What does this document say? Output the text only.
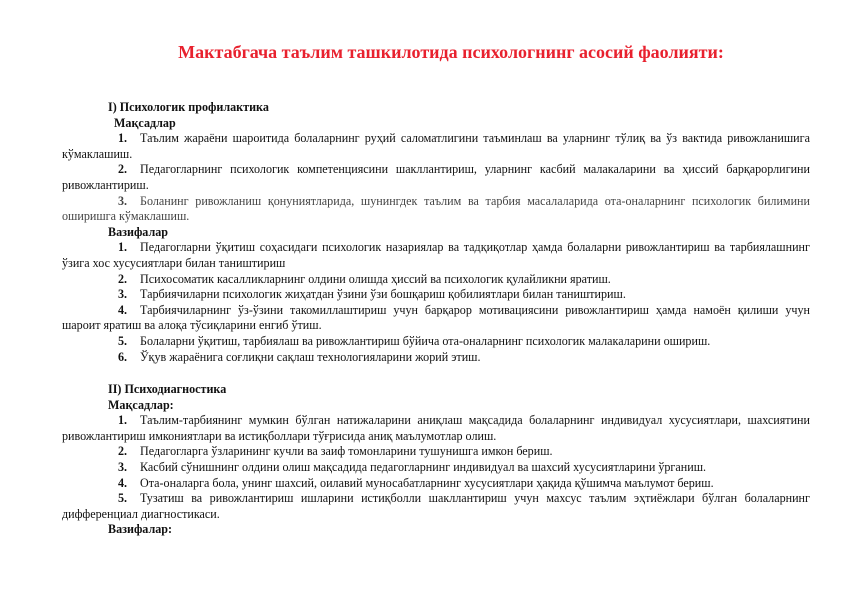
Мактабгача таълим ташкилотида психологнинг асосий фаолияти:

I) Психологик профилактика

Мақсадлар

1. Таълим жараёни шароитида болаларнинг руҳий саломатлигини таъминлаш ва уларнинг тўлиқ ва ўз вактида ривожланишига кўмаклашиш.

2. Педагогларнинг психологик компетенциясини шакллантириш, уларнинг касбий малакаларини ва ҳиссий барқарорлигини ривожлантириш.

3. Боланинг ривожланиш қонуниятларида, шунингдек таълим ва тарбия масалаларида ота-оналарнинг психологик билимини оширишга кўмаклашиш.

Вазифалар

1. Педагогларни ўқитиш соҳасидаги психологик назариялар ва тадқиқотлар ҳамда болаларни ривожлантириш ва тарбиялашнинг ўзига хос хусусиятлари билан таништириш

2. Психосоматик касалликларнинг олдини олишда ҳиссий ва психологик қулайликни яратиш.

3. Тарбиячиларни психологик жиҳатдан ўзини ўзи бошқариш қобилиятлари билан таништириш.

4. Тарбиячиларнинг ўз-ўзини такомиллаштириш учун барқарор мотивациясини ривожлантириш ҳамда намоён қилиши учун шароит яратиш ва алоқа тўсиқларини енгиб ўтиш.

5. Болаларни ўқитиш, тарбиялаш ва ривожлантириш бўйича ота-оналарнинг психологик малакаларини ошириш.

6. Ўқув жараёнига соғлиқни сақлаш технологияларини жорий этиш.

II) Психодиагностика

Мақсадлар:

1. Таълим-тарбиянинг мумкин бўлган натижаларини аниқлаш мақсадида болаларнинг индивидуал хусусиятлари, шахсиятини ривожлантириш имкониятлари ва истиқболлари тўғрисида аниқ маълумотлар олиш.

2. Педагогларга ўзларининг кучли ва заиф томонларини тушунишга имкон бериш.

3. Касбий сўнишнинг олдини олиш мақсадида педагогларнинг индивидуал ва шахсий хусусиятларини ўрганиш.

4. Ота-оналарга бола, унинг шахсий, оилавий муносабатларнинг хусусиятлари ҳақида қўшимча маълумот бериш.

5. Тузатиш ва ривожлантириш ишларини истиқболли шакллантириш учун махсус таълим эҳтиёжлари бўлган болаларнинг дифференциал диагностикаси.

Вазифалар:
